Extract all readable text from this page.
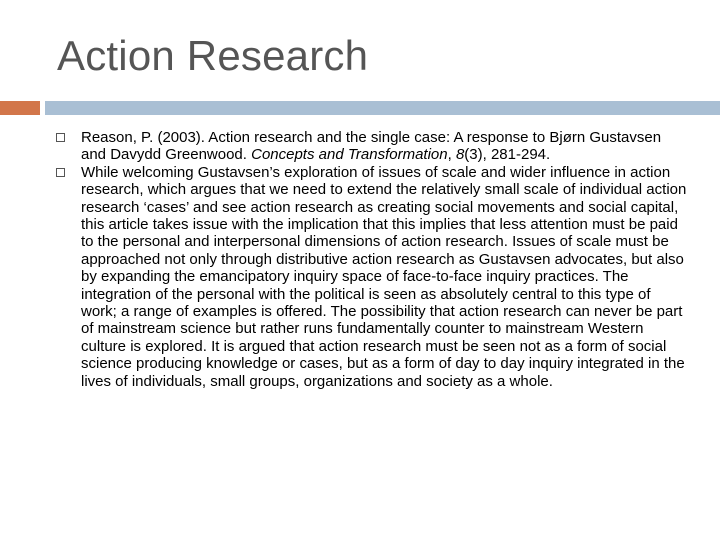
Action Research
Reason, P. (2003). Action research and the single case: A response to Bjørn Gustavsen and Davydd Greenwood. Concepts and Transformation, 8(3), 281-294.
While welcoming Gustavsen’s exploration of issues of scale and wider influence in action research, which argues that we need to extend the relatively small scale of individual action research ‘cases’ and see action research as creating social movements and social capital, this article takes issue with the implication that this implies that less attention must be paid to the personal and interpersonal dimensions of action research. Issues of scale must be approached not only through distributive action research as Gustavsen advocates, but also by expanding the emancipatory inquiry space of face-to-face inquiry practices. The integration of the personal with the political is seen as absolutely central to this type of work; a range of examples is offered. The possibility that action research can never be part of mainstream science but rather runs fundamentally counter to mainstream Western culture is explored. It is argued that action research must be seen not as a form of social science producing knowledge or cases, but as a form of day to day inquiry integrated in the lives of individuals, small groups, organizations and society as a whole.
